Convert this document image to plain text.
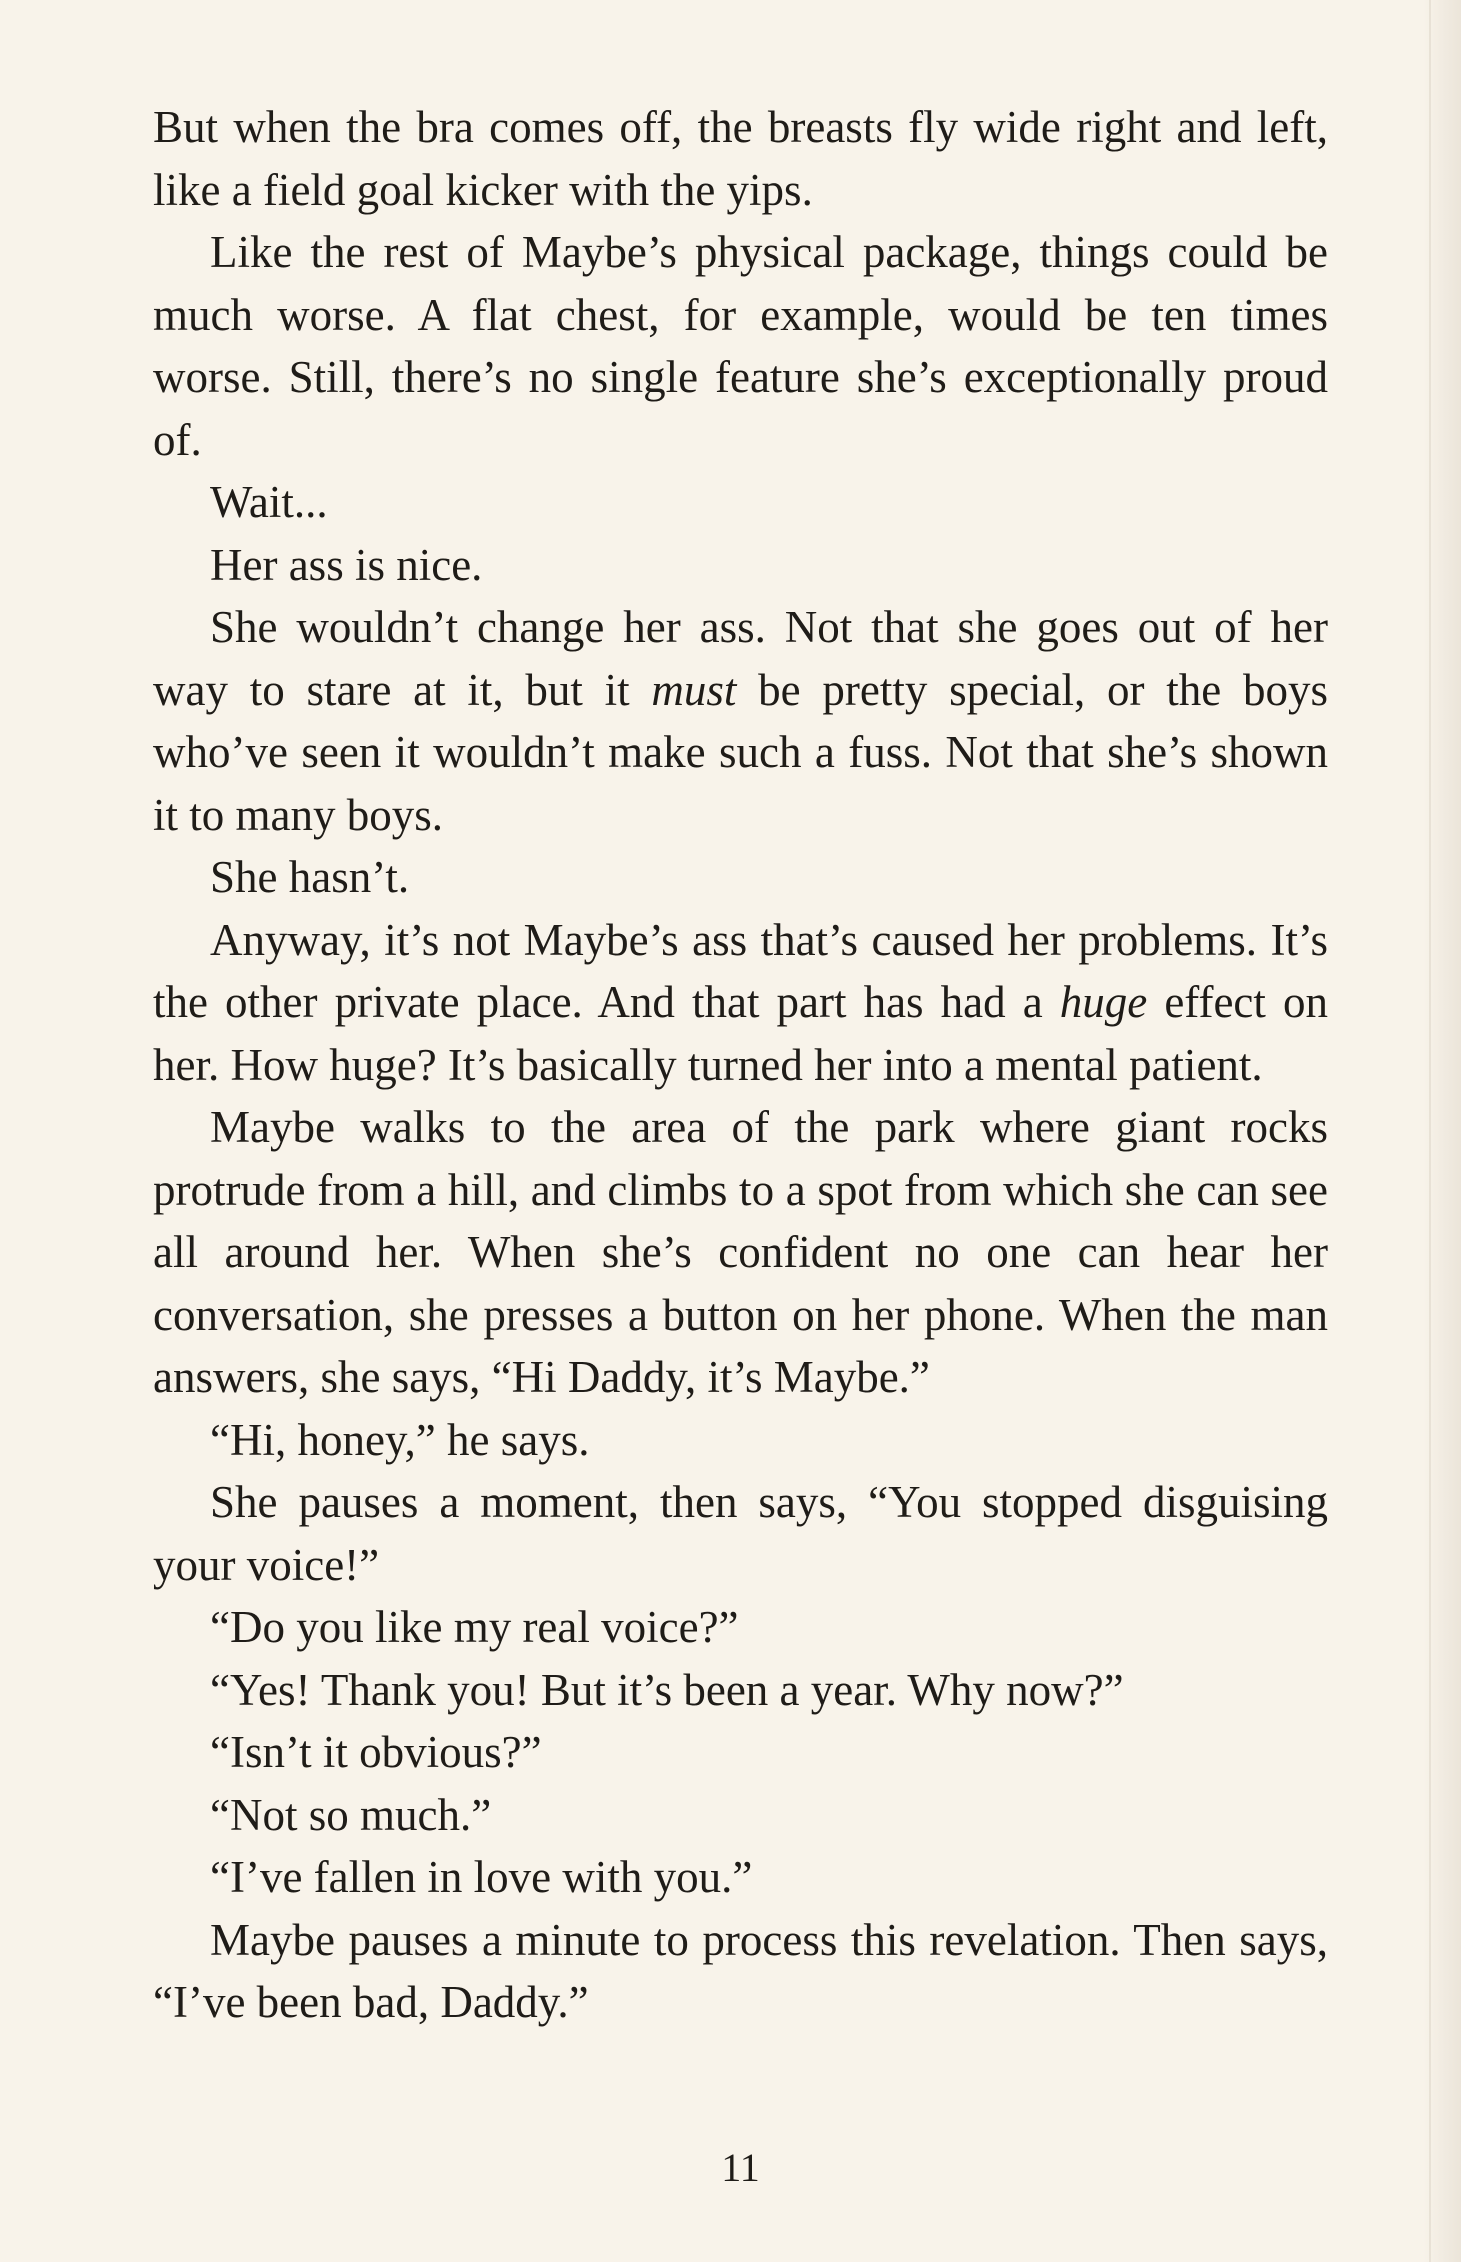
But when the bra comes off, the breasts fly wide right and left, like a field goal kicker with the yips.

Like the rest of Maybe’s physical package, things could be much worse. A flat chest, for example, would be ten times worse. Still, there’s no single feature she’s exceptionally proud of.

Wait...

Her ass is nice.

She wouldn’t change her ass. Not that she goes out of her way to stare at it, but it must be pretty special, or the boys who’ve seen it wouldn’t make such a fuss. Not that she’s shown it to many boys.

She hasn’t.

Anyway, it’s not Maybe’s ass that’s caused her problems. It’s the other private place. And that part has had a huge effect on her. How huge? It’s basically turned her into a mental patient.

Maybe walks to the area of the park where giant rocks protrude from a hill, and climbs to a spot from which she can see all around her. When she’s confident no one can hear her conversation, she presses a button on her phone. When the man answers, she says, “Hi Daddy, it’s Maybe.”

“Hi, honey,” he says.

She pauses a moment, then says, “You stopped disguising your voice!”

“Do you like my real voice?”

“Yes! Thank you! But it’s been a year. Why now?”

“Isn’t it obvious?”

“Not so much.”

“I’ve fallen in love with you.”

Maybe pauses a minute to process this revelation. Then says, “I’ve been bad, Daddy.”

11
